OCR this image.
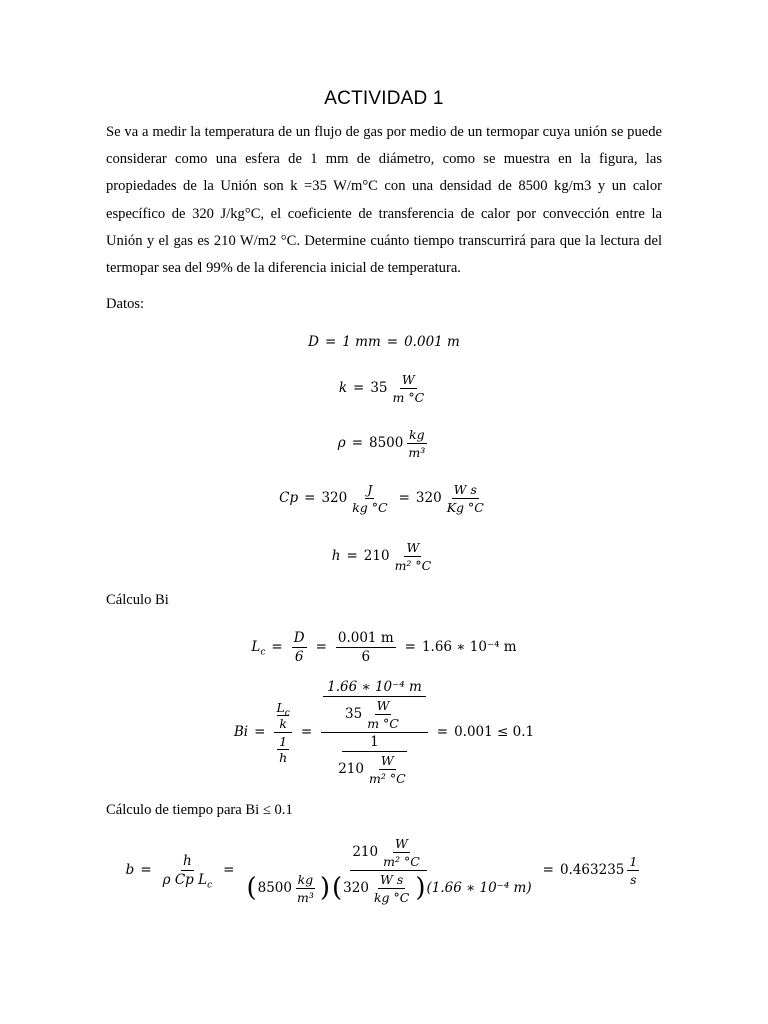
ACTIVIDAD 1
Se va a medir la temperatura de un flujo de gas por medio de un termopar cuya unión se puede considerar como una esfera de 1 mm de diámetro, como se muestra en la figura, las propiedades de la Unión son k =35 W/m°C con una densidad de 8500 kg/m3 y un calor específico de 320 J/kg°C, el coeficiente de transferencia de calor por convección entre la Unión y el gas es 210 W/m2 °C. Determine cuánto tiempo transcurrirá para que la lectura del termopar sea del 99% de la diferencia inicial de temperatura.
Datos:
D = 1 mm = 0.001 m
$k = 35 \frac{W}{m ^\circ C}$
$\rho = 8500 \frac{kg}{\text{m³}}$
$Cp = 320 \frac{J}{kg ^\circ C} = 320 \frac{\text{W s}}{Kg ^\circ C}$
$h = 210 \frac{W}{\text{m² °C}}$
Cálculo Bi
$L_c = \frac{D}{6} = \frac{0.001 m}{6} = 1.66$ ∗ 10⁻⁴ m
$Bi = L_c$
k
1
h = 1.66 ∗ 10⁻⁴ m
$35 \frac{W}{m ^\circ C}$
1
$210 \frac{W}{\text{m² °C}} = 0.001 \le 0.1$
Cálculo de tiempo para Bi ≤ 0.1
$b = \frac{h}{\rho Cp L_c}$ =
$210 \frac{W}{\text{m² °C}}$
( $8500 \frac{kg}{\text{m³}}$ ) ( $320 \frac{\text{W s}}{kg ^\circ C}$ ) (1.66 ∗ 10⁻⁴ m)
= $0.463235 \frac{1}{s}$
